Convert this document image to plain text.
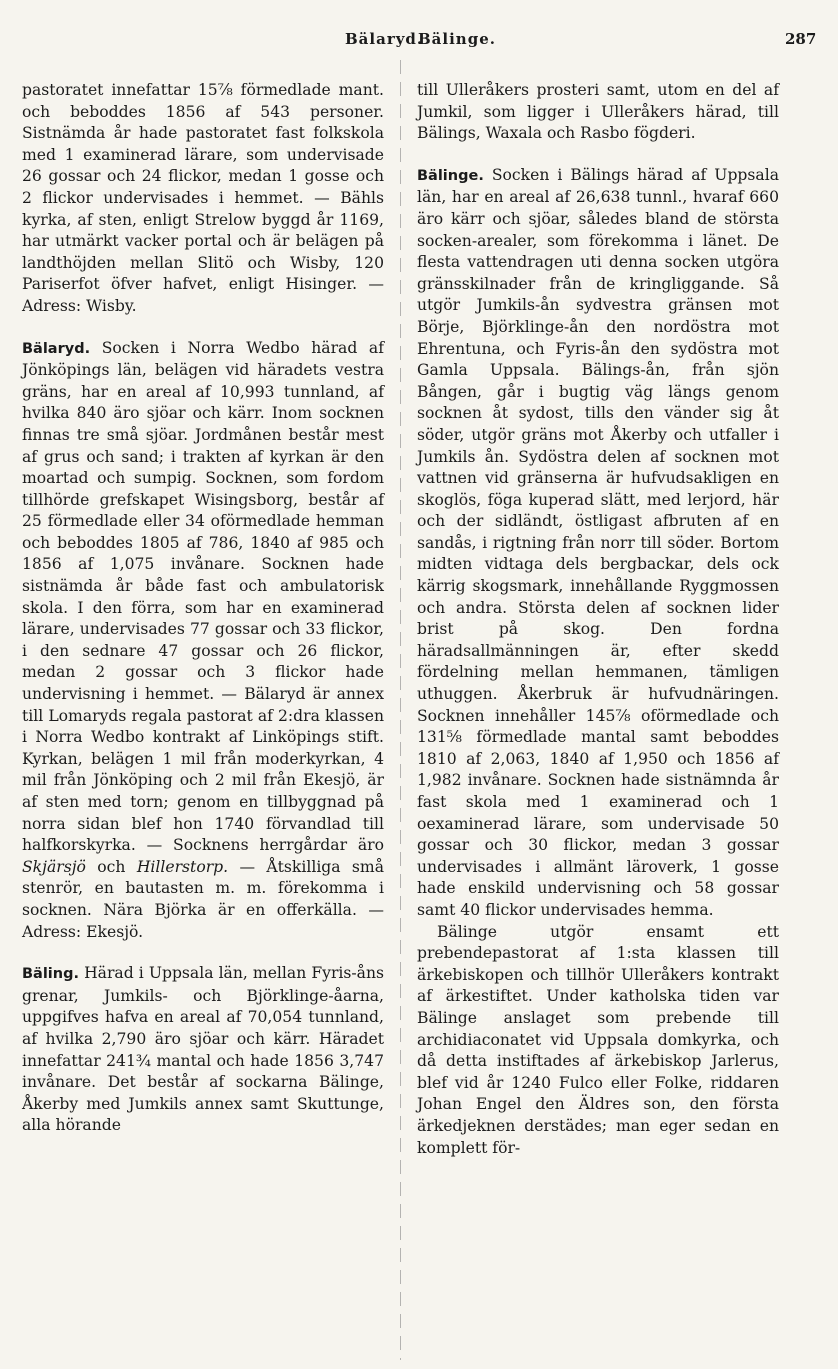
Bälaryd.
Bälinge.	287

pastoratet innefattar 15⅞ förmedlade mant. och beboddes 1856 af 543 personer. Sistnämda år hade pastoratet fast folkskola med 1 examinerad lärare, som undervisade 26 gossar och 24 flickor, medan 1 gosse och 2 flickor undervisades i hemmet. — Bähls kyrka, af sten, enligt Strelow byggd år 1169, har utmärkt vacker portal och är belägen på landthöjden mellan Slitö och Wisby, 120 Pariserfot öfver hafvet, enligt Hisinger. — Adress: Wisby.

Bälaryd. Socken i Norra Wedbo härad af Jönköpings län, belägen vid häradets vestra gräns, har en areal af 10,993 tunnland, af hvilka 840 äro sjöar och kärr. Inom socknen finnas tre små sjöar. Jordmånen består mest af grus och sand; i trakten af kyrkan är den moartad och sumpig. Socknen, som fordom tillhörde grefskapet Wisingsborg, består af 25 förmedlade eller 34 oförmedlade hemman och beboddes 1805 af 786, 1840 af 985 och 1856 af 1,075 invånare. Socknen hade sistnämda år både fast och ambulatorisk skola. I den förra, som har en examinerad lärare, undervisades 77 gossar och 33 flickor, i den sednare 47 gossar och 26 flickor, medan 2 gossar och 3 flickor hade undervisning i hemmet. — Bälaryd är annex till Lomaryds regala pastorat af 2:dra klassen i Norra Wedbo kontrakt af Linköpings stift. Kyrkan, belägen 1 mil från moderkyrkan, 4 mil från Jönköping och 2 mil från Ekesjö, är af sten med torn; genom en tillbyggnad på norra sidan blef hon 1740 förvandlad till halfkorskyrka. — Socknens herrgårdar äro Skjärsjö och Hillerstorp. — Åtskilliga små stenrör, en bautasten m. m. förekomma i socknen. Nära Björka är en offerkälla. — Adress: Ekesjö.

Bäling. Härad i Uppsala län, mellan Fyris-åns grenar, Jumkils- och Björklinge-åarna, uppgifves hafva en areal af 70,054 tunnland, af hvilka 2,790 äro sjöar och kärr. Häradet innefattar 241¾ mantal och hade 1856 3,747 invånare. Det består af sockarna Bälinge, Åkerby med Jumkils annex samt Skuttunge, alla hörande

till Ulleråkers prosteri samt, utom en del af Jumkil, som ligger i Ulleråkers härad, till Bälings, Waxala och Rasbo fögderi.

Bälinge. Socken i Bälings härad af Uppsala län, har en areal af 26,638 tunnl., hvaraf 660 äro kärr och sjöar, således bland de största socken-arealer, som förekomma i länet. De flesta vattendragen uti denna socken utgöra gränsskilnader från de kringliggande. Så utgör Jumkils-ån sydvestra gränsen mot Börje, Björklinge-ån den nordöstra mot Ehrentuna, och Fyris-ån den sydöstra mot Gamla Uppsala. Bälings-ån, från sjön Bången, går i bugtig väg längs genom socknen åt sydost, tills den vänder sig åt söder, utgör gräns mot Åkerby och utfaller i Jumkils ån. Sydöstra delen af socknen mot vattnen vid gränserna är hufvudsakligen en skoglös, föga kuperad slätt, med lerjord, här och der sidländt, östligast afbruten af en sandås, i rigtning från norr till söder. Bortom midten vidtaga dels bergbackar, dels ock kärrig skogsmark, innehållande Ryggmossen och andra. Största delen af socknen lider brist på skog. Den fordna häradsallmänningen är, efter skedd fördelning mellan hemmanen, tämligen uthuggen. Åkerbruk är hufvudnäringen. Socknen innehåller 145⅞ oförmedlade och 131⅝ förmedlade mantal samt beboddes 1810 af 2,063, 1840 af 1,950 och 1856 af 1,982 invånare. Socknen hade sistnämnda år fast skola med 1 examinerad och 1 oexaminerad lärare, som undervisade 50 gossar och 30 flickor, medan 3 gossar undervisades i allmänt läroverk, 1 gosse hade enskild undervisning och 58 gossar samt 40 flickor undervisades hemma.

Bälinge utgör ensamt ett prebendepastorat af 1:sta klassen till ärkebiskopen och tillhör Ulleråkers kontrakt af ärkestiftet. Under katholska tiden var Bälinge anslaget som prebende till archidiaconatet vid Uppsala domkyrka, och då detta instiftades af ärkebiskop Jarlerus, blef vid år 1240 Fulco eller Folke, riddaren Johan Engel den Äldres son, den första ärkedjeknen derstädes; man eger sedan en komplett för-
